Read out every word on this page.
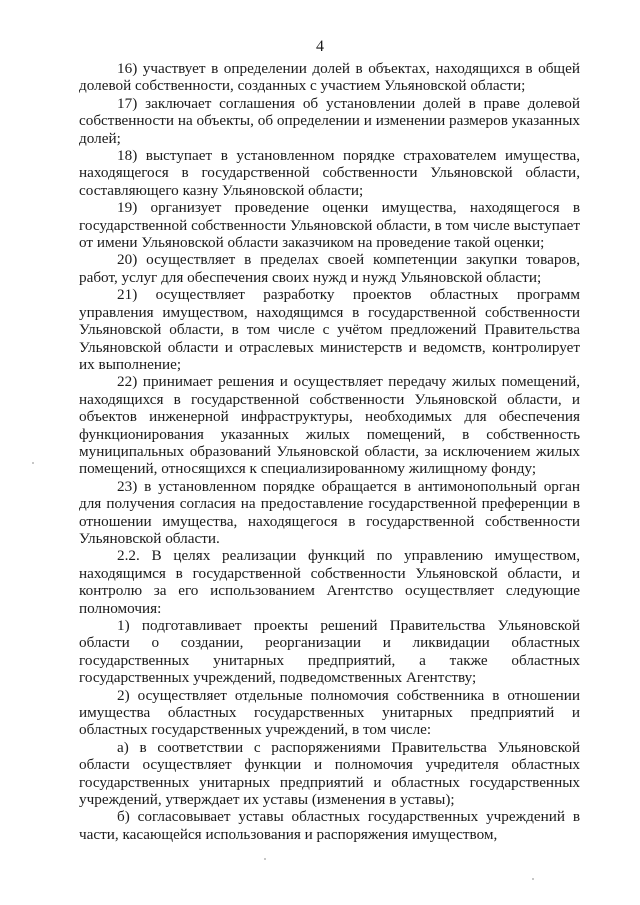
4

16) участвует в определении долей в объектах, находящихся в общей долевой собственности, созданных с участием Ульяновской области;

17) заключает соглашения об установлении долей в праве долевой собственности на объекты, об определении и изменении размеров указанных долей;

18) выступает в установленном порядке страхователем имущества, находящегося в государственной собственности Ульяновской области, составляющего казну Ульяновской области;

19) организует проведение оценки имущества, находящегося в государственной собственности Ульяновской области, в том числе выступает от имени Ульяновской области заказчиком на проведение такой оценки;

20) осуществляет в пределах своей компетенции закупки товаров, работ, услуг для обеспечения своих нужд и нужд Ульяновской области;

21) осуществляет разработку проектов областных программ управления имуществом, находящимся в государственной собственности Ульяновской области, в том числе с учётом предложений Правительства Ульяновской области и отраслевых министерств и ведомств, контролирует их выполнение;

22) принимает решения и осуществляет передачу жилых помещений, находящихся в государственной собственности Ульяновской области, и объектов инженерной инфраструктуры, необходимых для обеспечения функционирования указанных жилых помещений, в собственность муниципальных образований Ульяновской области, за исключением жилых помещений, относящихся к специализированному жилищному фонду;

23) в установленном порядке обращается в антимонопольный орган для получения согласия на предоставление государственной преференции в отношении имущества, находящегося в государственной собственности Ульяновской области.

2.2. В целях реализации функций по управлению имуществом, находящимся в государственной собственности Ульяновской области, и контролю за его использованием Агентство осуществляет следующие полномочия:

1) подготавливает проекты решений Правительства Ульяновской области о создании, реорганизации и ликвидации областных государственных унитарных предприятий, а также областных государственных учреждений, подведомственных Агентству;

2) осуществляет отдельные полномочия собственника в отношении имущества областных государственных унитарных предприятий и областных государственных учреждений, в том числе:

а) в соответствии с распоряжениями Правительства Ульяновской области осуществляет функции и полномочия учредителя областных государственных унитарных предприятий и областных государственных учреждений, утверждает их уставы (изменения в уставы);

б) согласовывает уставы областных государственных учреждений в части, касающейся использования и распоряжения имуществом,
